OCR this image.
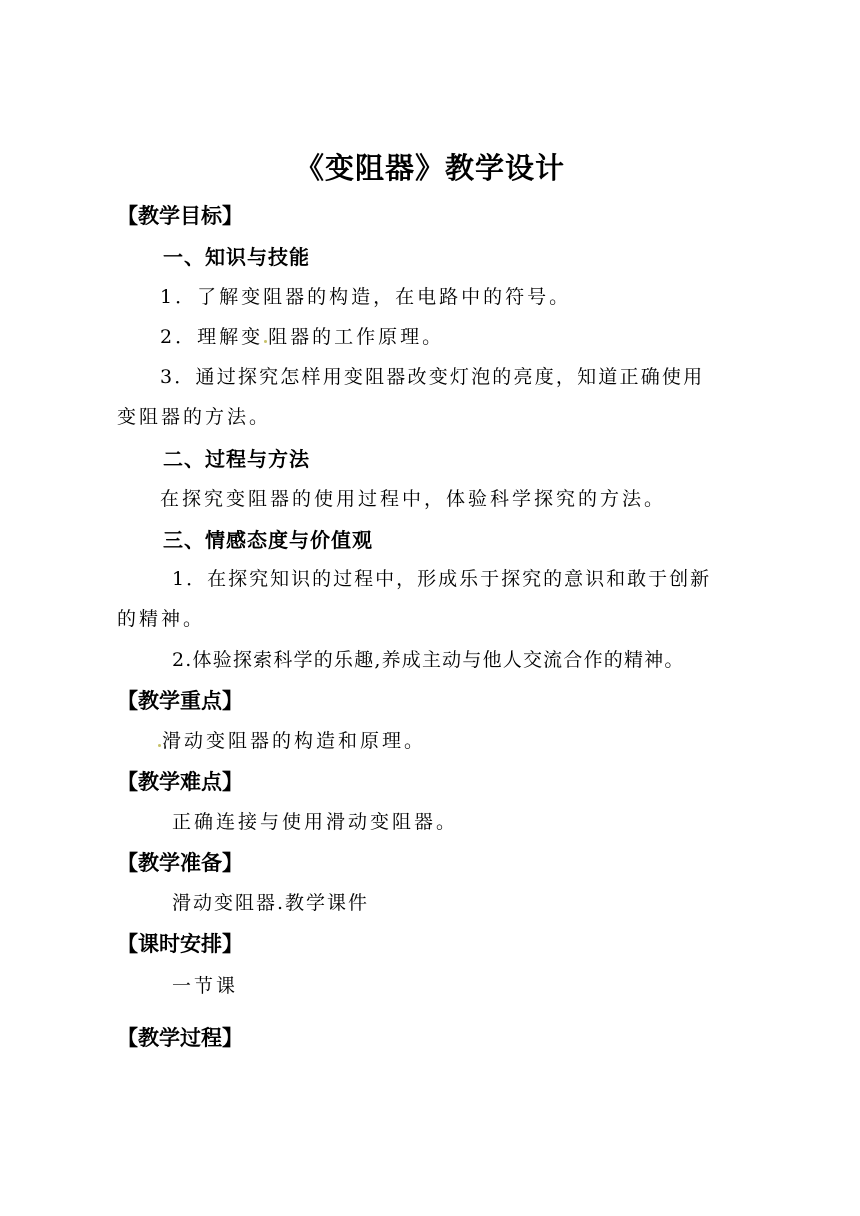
《变阻器》教学设计
【教学目标】
一、知识与技能
1．了解变阻器的构造，在电路中的符号。
2．理解变 阻器的工作原理。
3．通过探究怎样用变阻器改变灯泡的亮度，知道正确使用
变阻器的方法。
二、过程与方法
在探究变阻器的使用过程中，体验科学探究的方法。
三、情感态度与价值观
1．在探究知识的过程中，形成乐于探究的意识和敢于创新
的精神。
2.体验探索科学的乐趣,养成主动与他人交流合作的精神。
【教学重点】
滑动变阻器的构造和原理。
【教学难点】
正确连接与使用滑动变阻器。
【教学准备】
滑动变阻器.教学课件
【课时安排】
一节课
【教学过程】
